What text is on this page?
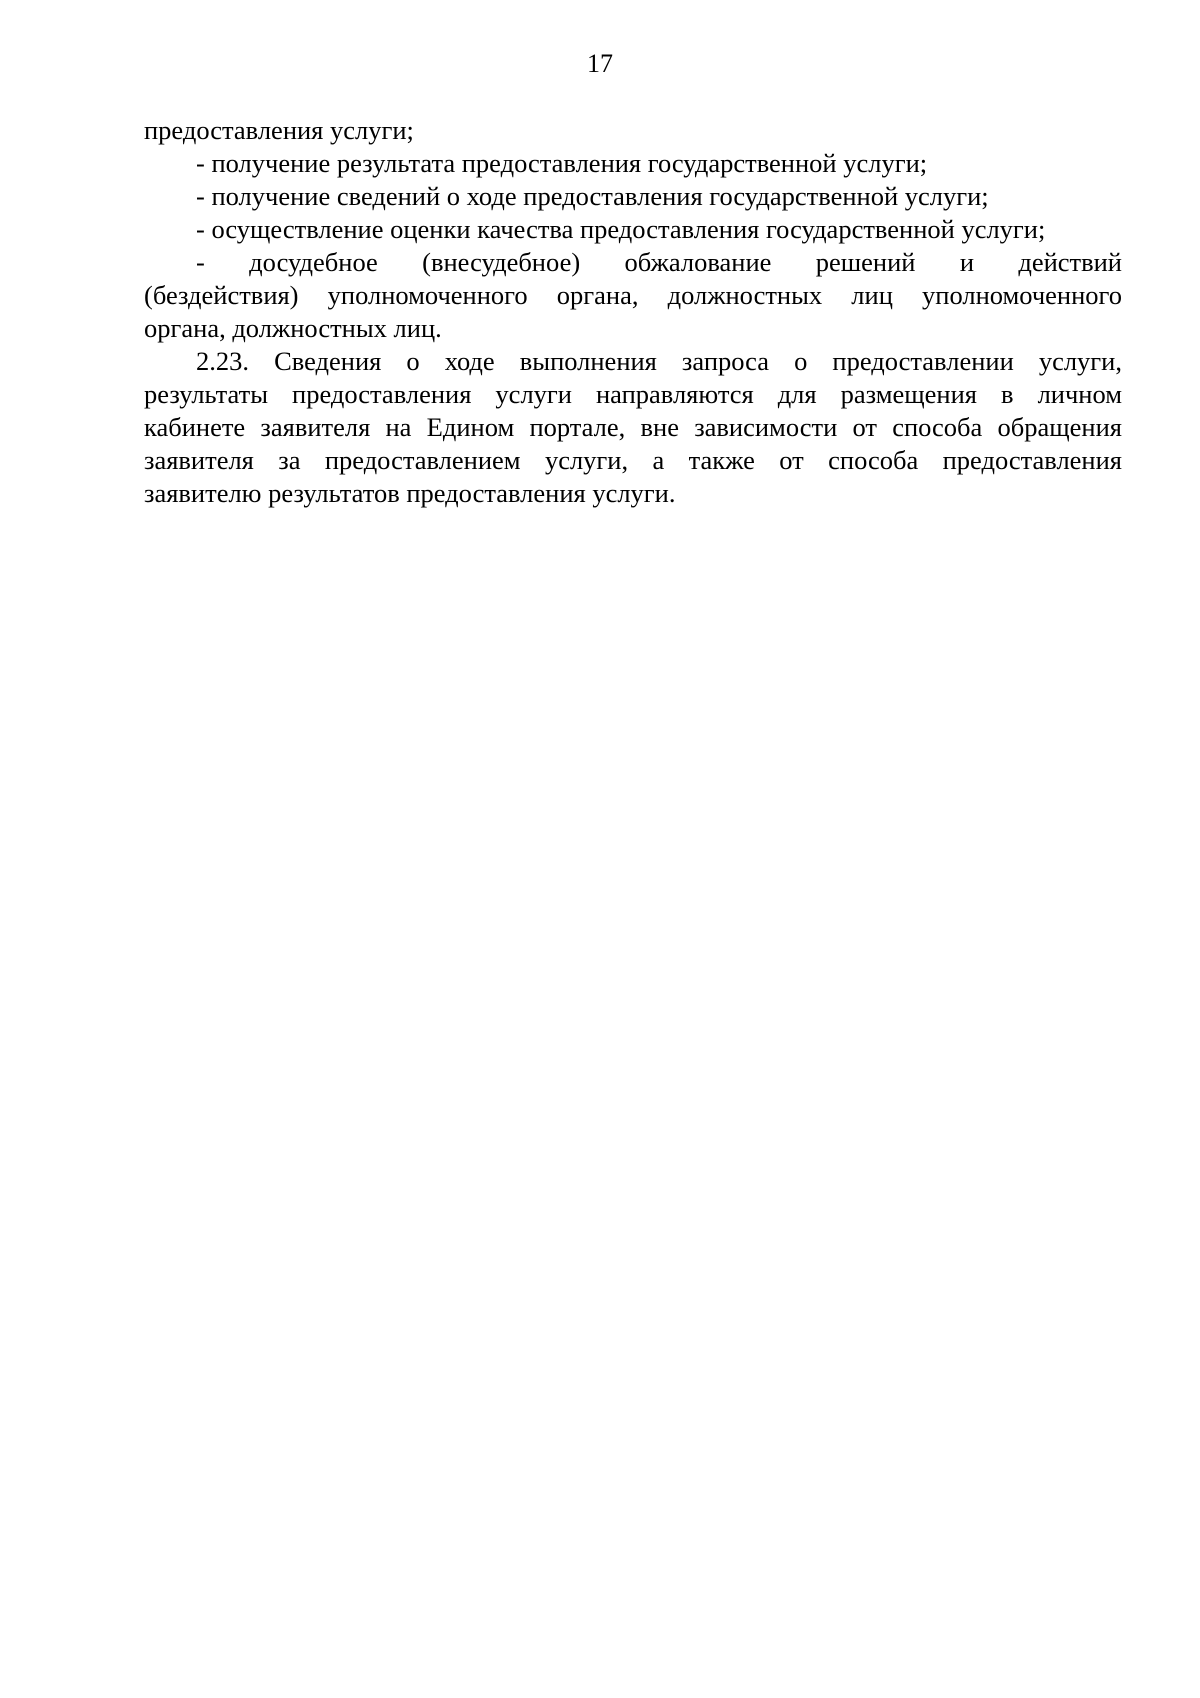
17
предоставления услуги;
- получение результата предоставления государственной услуги;
- получение сведений о ходе предоставления государственной услуги;
- осуществление оценки качества предоставления государственной услуги;
- досудебное (внесудебное) обжалование решений и действий
(бездействия) уполномоченного органа, должностных лиц уполномоченного
органа, должностных лиц.
2.23. Сведения о ходе выполнения запроса о предоставлении услуги,
результаты предоставления услуги направляются для размещения в личном
кабинете заявителя на Едином портале, вне зависимости от способа обращения
заявителя за предоставлением услуги, а также от способа предоставления
заявителю результатов предоставления услуги.
